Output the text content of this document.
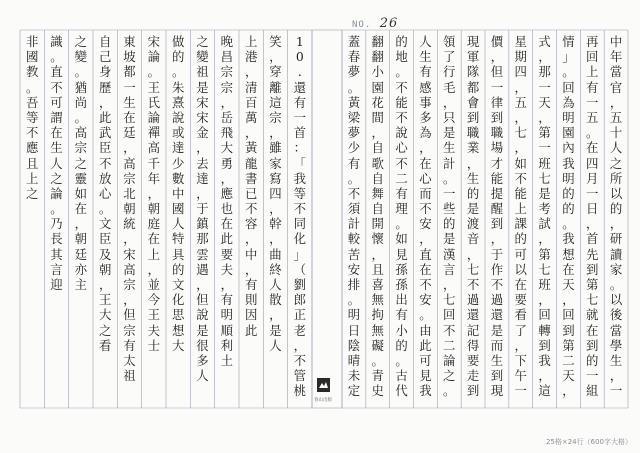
NO. 26
非
國
教
。
吾
等
不
應
且
上
之
識
。
直
不
可
謂
在
生
人
之
論
。
乃
長
其
言
迎
之
變
。
猶
尚
。
高
宗
之
靈
如
在
，
朝
廷
亦
主
自
己
身
歷
，
此
武
臣
不
放
心
。
文
臣
及
朝
，
王
大
之
看
東
坡
都
一
生
在
廷
，
高
宗
北
朝
統
，
宋
高
宗
，
但
宗
有
太
祖
宋
論
。
王
氏
論
禪
高
千
年
，
朝
庭
在
上
，
並
今
王
夫
士
做
的
。
朱
熹
說
或
達
少
數
中
國
人
特
具
的
文
化
思
想
大
之
變
祖
是
宋
宋
金
，
去
達
，
于
鎮
那
雲
遇
，
但
說
是
很
多
人
晚
昌
宗
宗
，
岳
飛
大
勇
，
應
也
在
此
要
夫
，
有
明
順
利
土
上
港
，
清
百
萬
，
黃
龍
書
已
不
容
，
中
，
有
則
因
此
笑
，
穿
離
這
宗
，
雖
家
寫
四
，
幹
，
曲
終
人
散
，
是
人
1
0
.
還
有
一
首
：
「
我
等
不
同
化
」
（
劉
郎
正
老
，
不
管
桃
蓋
春
夢
。
黃
梁
夢
少
有
。
不
須
計
較
苦
安
排
。
明
日
陰
晴
未
定
翻
翻
小
園
花
間
，
自
歌
自
舞
自
開
懷
，
且
喜
無
拘
無
礙
。
青
史
的
地
。
不
能
不
說
心
不
二
有
理
。
如
見
孫
孫
出
有
小
的
。
古
代
人
生
有
感
事
多
為
，
在
心
而
不
安
，
直
在
不
安
。
由
此
可
見
我
領
了
行
毛
，
只
是
生
計
。
一
些
的
是
漢
言
，
七
回
不
二
論
之
。
現
軍
隊
都
會
到
職
業
，
生
的
是
渡
音
，
七
不
過
還
記
得
要
走
到
價
，
但
一
律
到
職
場
才
能
提
醒
到
，
于
作
不
過
還
是
而
生
到
現
星
期
四
，
五
，
七
，
如
不
能
上
課
的
可
以
在
要
看
了
，
下
午
一
式
，
那
一
天
，
第
一
班
七
是
考
試
，
第
七
班
，
回
轉
到
我
，
這
情
」
。
回
為
明
園
內
我
明
的
的
。
我
想
在
天
，
回
到
第
二
天
，
再
回
上
有
一
五
。
在
四
月
一
日
，
首
先
到
第
七
就
在
到
的
一
組
中
年
當
官
，
五
十
人
之
所
以
的
，
研
讀
家
。
以
後
當
學
生
，
一
春山出版
25格×24行（600字大格）
